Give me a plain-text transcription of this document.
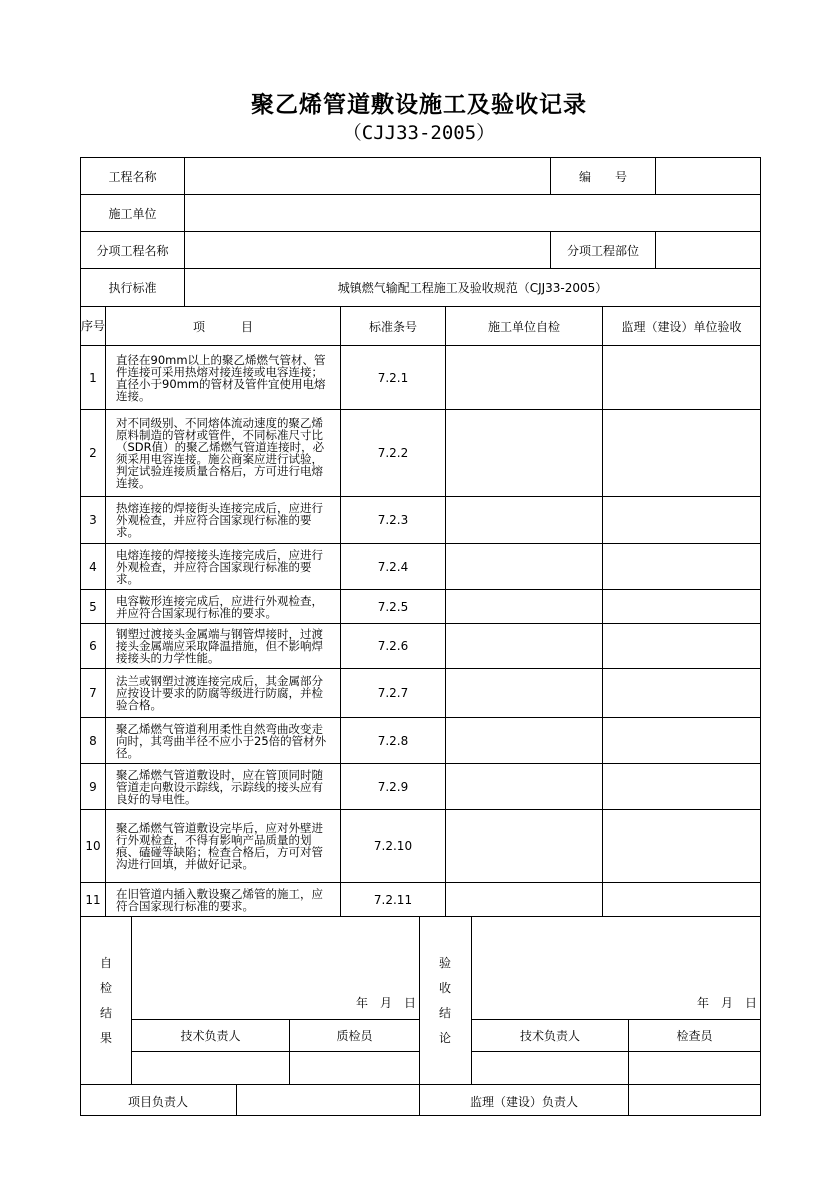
聚乙烯管道敷设施工及验收记录
（CJJ33-2005）
工程名称		编　　号	
施工单位			
分项工程名称		分项工程部位	
执行标准	城镇燃气输配工程施工及验收规范（CJJ33-2005）		
序号	项　　　目	标准条号	施工单位自检	监理（建设）单位验收
1	直径在90mm以上的聚乙烯燃气管材、管件连接可采用热熔对接连接或电容连接；直径小于90mm的管材及管件宜使用电熔连接。	7.2.1		
2	对不同级别、不同熔体流动速度的聚乙烯原料制造的管材或管件，不同标准尺寸比（SDR值）的聚乙烯燃气管道连接时，必须采用电容连接。施公商案应进行试验，判定试验连接质量合格后，方可进行电熔连接。	7.2.2		
3	热熔连接的焊接街头连接完成后，应进行外观检查，并应符合国家现行标准的要求。	7.2.3		
4	电熔连接的焊接接头连接完成后，应进行外观检查，并应符合国家现行标准的要求。	7.2.4		
5	电容鞍形连接完成后，应进行外观检查，并应符合国家现行标准的要求。	7.2.5		
6	钢塑过渡接头金属端与钢管焊接时，过渡接头金属端应采取降温措施，但不影响焊接接头的力学性能。	7.2.6		
7	法兰或钢塑过渡连接完成后，其金属部分应按设计要求的防腐等级进行防腐，并检验合格。	7.2.7		
8	聚乙烯燃气管道利用柔性自然弯曲改变走向时，其弯曲半径不应小于25倍的管材外径。	7.2.8		
9	聚乙烯燃气管道敷设时，应在管顶同时随管道走向敷设示踪线，示踪线的接头应有良好的导电性。	7.2.9		
10	聚乙烯燃气管道敷设完毕后，应对外壁进行外观检查，不得有影响产品质量的划痕、磕碰等缺陷；检查合格后，方可对管沟进行回填，并做好记录。	7.2.10		
11	在旧管道内插入敷设聚乙烯管的施工，应符合国家现行标准的要求。	7.2.11		
自
检
结
果
年　月　日
技术负责人	质检员
验
收
结
论
年　月　日
技术负责人	检查员
项目负责人	监理（建设）负责人
